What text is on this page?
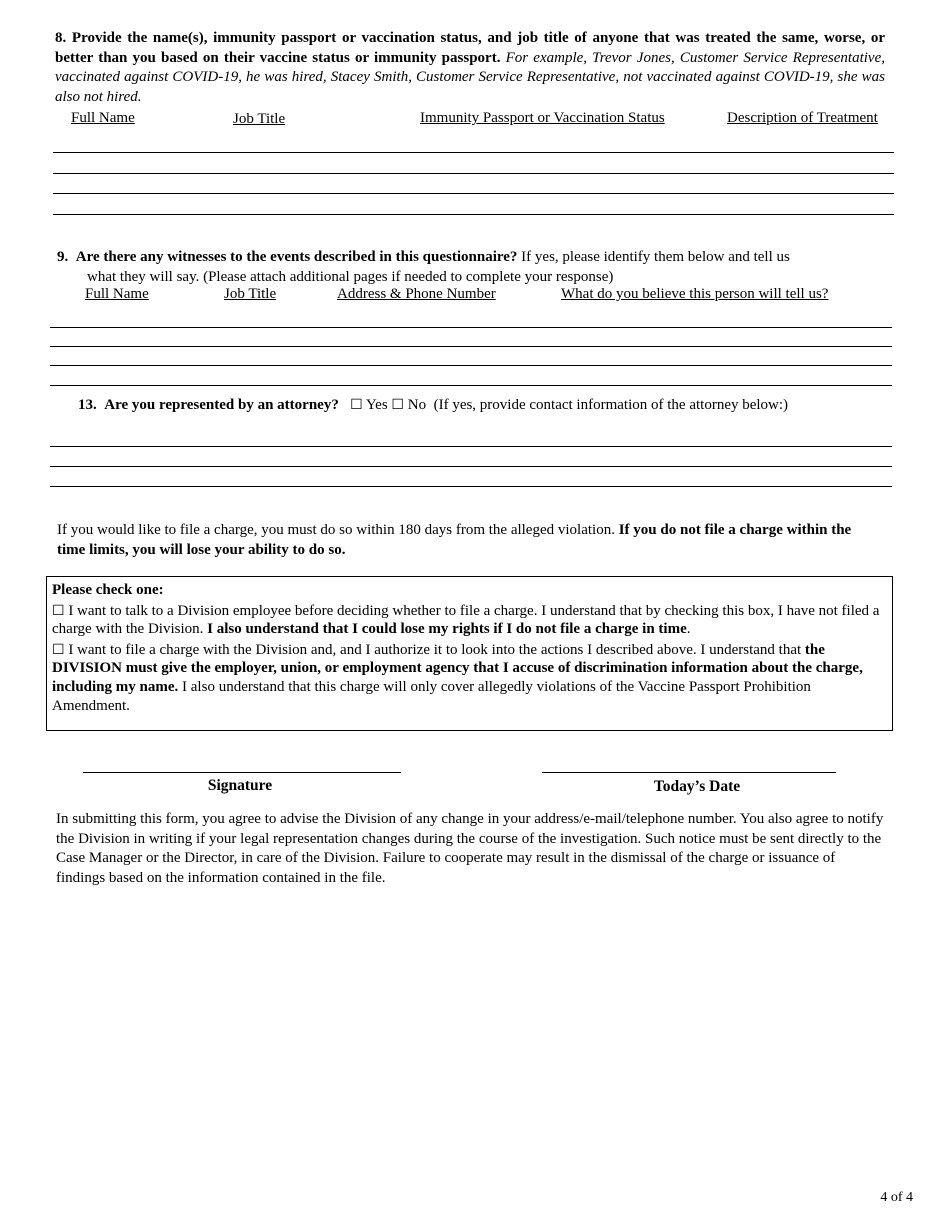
8. Provide the name(s), immunity passport or vaccination status, and job title of anyone that was treated the same, worse, or better than you based on their vaccine status or immunity passport. For example, Trevor Jones, Customer Service Representative, vaccinated against COVID-19, he was hired, Stacey Smith, Customer Service Representative, not vaccinated against COVID-19, she was also not hired.
Full Name	Job Title	Immunity Passport or Vaccination Status	Description of Treatment
9. Are there any witnesses to the events described in this questionnaire? If yes, please identify them below and tell us
what they will say. (Please attach additional pages if needed to complete your response)
Full Name	Job Title	Address & Phone Number	What do you believe this person will tell us?
13. Are you represented by an attorney? ☐ Yes ☐ No (If yes, provide contact information of the attorney below:)
If you would like to file a charge, you must do so within 180 days from the alleged violation. If you do not file a charge within the time limits, you will lose your ability to do so.

Please check one:

☐ I want to talk to a Division employee before deciding whether to file a charge. I understand that by checking this box, I have not filed a charge with the Division. I also understand that I could lose my rights if I do not file a charge in time.

☐ I want to file a charge with the Division and, and I authorize it to look into the actions I described above. I understand that the DIVISION must give the employer, union, or employment agency that I accuse of discrimination information about the charge, including my name. I also understand that this charge will only cover allegedly violations of the Vaccine Passport Prohibition Amendment.

Signature	Today’s Date
In submitting this form, you agree to advise the Division of any change in your address/e-mail/telephone number. You also agree to notify the Division in writing if your legal representation changes during the course of the investigation. Such notice must be sent directly to the Case Manager or the Director, in care of the Division. Failure to cooperate may result in the dismissal of the charge or issuance of findings based on the information contained in the file.
4 of 4
